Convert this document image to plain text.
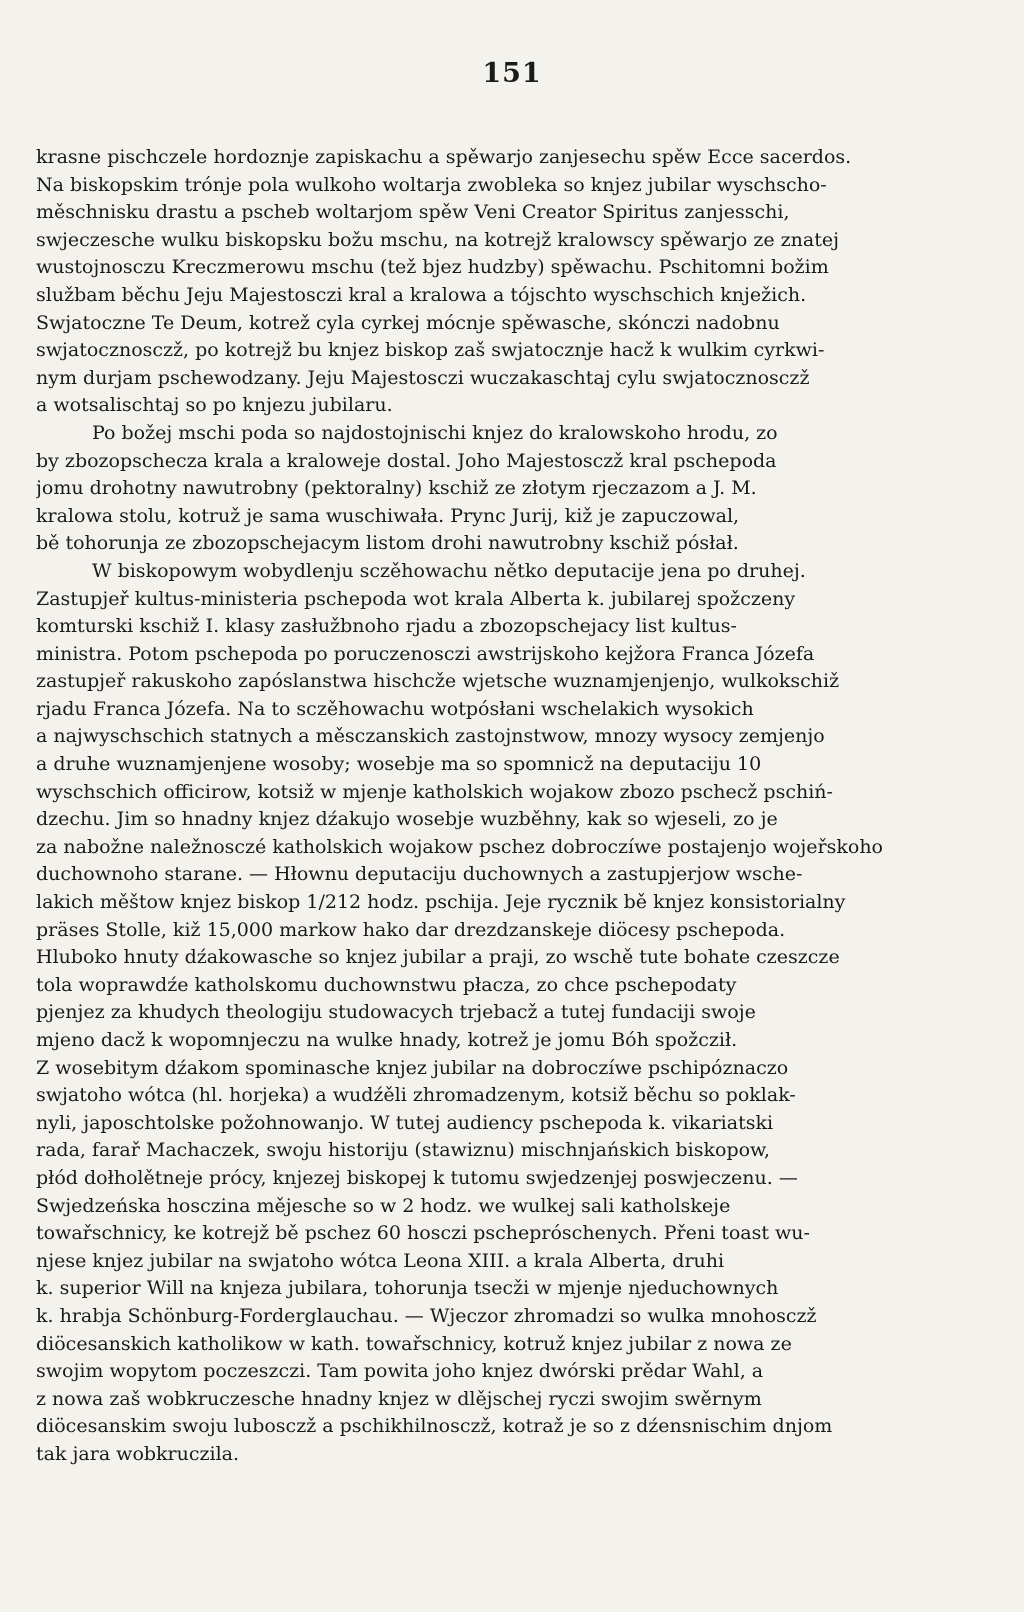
151
krasne pischczele hordoznje zapiskachu a spěwarjo zanjesechu spěw Ecce sacerdos.
Na biskopskim trónje pola wulkoho woltarja zwobleka so knjez jubilar wyschscho-
měschnisku drastu a pscheb woltarjom spěw Veni Creator Spiritus zanjesschi,
swjeczesche wulku biskopsku božu mschu, na kotrejž kralowscy spěwarjo ze znatej
wustojnosczu Kreczmerowu mschu (tež bjez hudzby) spěwachu. Pschitomni božim
službam běchu Jeju Majestosczi kral a kralowa a tójschto wyschschich knježich.
Swjatoczne Te Deum, kotrež cyla cyrkej mócnje spěwasche, skónczi nadobnu
swjatocznosczž, po kotrejž bu knjez biskop zaš swjatocznje hacž k wulkim cyrkwi-
nym durjam pschewodzany. Jeju Majestosczi wuczakaschtaj cylu swjatocznosczž
a wotsalischtaj so po knjezu jubilaru.
Po božej mschi poda so najdostojnischi knjez do kralowskoho hrodu, zo
by zbozopschecza krala a kraloweje dostal. Joho Majestosczž kral pschepoda
jomu drohotny nawutrobny (pektoralny) kschiž ze złotym rjeczazom a J. M.
kralowa stolu, kotruž je sama wuschiwała. Prync Jurij, kiž je zapuczowal,
bě tohorunja ze zbozopschejacym listom drohi nawutrobny kschiž pósłał.
W biskopowym wobydlenju sczěhowachu nětko deputacije jena po druhej.
Zastupjeř kultus-ministeria pschepoda wot krala Alberta k. jubilarej spožczeny
komturski kschiž I. klasy zasłužbnoho rjadu a zbozopschejacy list kultus-
ministra. Potom pschepoda po poruczenosczi awstrijskoho kejžora Franca Józefa
zastupjeř rakuskoho zapóslanstwa hischcže wjetsche wuznamjenjenjo, wulkokschiž
rjadu Franca Józefa. Na to sczěhowachu wotpósłani wschelakich wysokich
a najwyschschich statnych a měsczanskich zastojnstwow, mnozy wysocy zemjenjo
a druhe wuznamjenjene wosoby; wosebje ma so spomnicž na deputaciju 10
wyschschich officirow, kotsiž w mjenje katholskich wojakow zbozo pschecž pschiń-
dzechu. Jim so hnadny knjez dźakujo wosebje wuzběhny, kak so wjeseli, zo je
za nabožne naležnosczé katholskich wojakow pschez dobroczíwe postajenjo wojeřskoho
duchownoho starane. — Hłownu deputaciju duchownych a zastupjerjow wsche-
lakich měštow knjez biskop 1/212 hodz. pschija. Jeje rycznik bě knjez konsistorialny
präses Stolle, kiž 15,000 markow hako dar drezdzanskeje diöcesy pschepoda.
Hluboko hnuty dźakowasche so knjez jubilar a praji, zo wschě tute bohate czeszcze
tola woprawdźe katholskomu duchownstwu płacza, zo chce pschepodaty
pjenjez za khudych theologiju studowacych trjebacž a tutej fundaciji swoje
mjeno dacž k wopomnjeczu na wulke hnady, kotrež je jomu Bóh spožcził.
Z wosebitym dźakom spominasche knjez jubilar na dobroczíwe pschipóznaczo
swjatoho wótca (hl. horjeka) a wudźěli zhromadzenym, kotsiž běchu so poklak-
nyli, japoschtolske požohnowanjo. W tutej audiency pschepoda k. vikariatski
rada, farař Machaczek, swoju historiju (stawiznu) mischnjańskich biskopow,
płód dołholětneje prócy, knjezej biskopej k tutomu swjedzenjej poswjeczenu. —
Swjedzeńska hosczina měјesche so w 2 hodz. we wulkej sali katholskeje
towařschnicy, ke kotrejž bě pschez 60 hosczi pschepróschenych. Přeni toast wu-
njese knjez jubilar na swjatoho wótca Leona XIII. a krala Alberta, druhi
k. superior Will na knjeza jubilara, tohorunja tsecži w mjenje njeduchownych
k. hrabja Schönburg-Forderglauchau. — Wjeczor zhromadzi so wulka mnohosczž
diöcesanskich katholikow w kath. towařschnicy, kotruž knjez jubilar z nowa ze
swojim wopytom poczeszczi. Tam powita joho knjez dwórski prědar Wahl, a
z nowa zaš wobkruczesche hnadny knjez w dlějschej ryczi swojim swěrnym
diöcesanskim swoju lubosczž a pschikhilnosczž, kotraž je so z dźensnischim dnjom
tak jara wobkruczila.
